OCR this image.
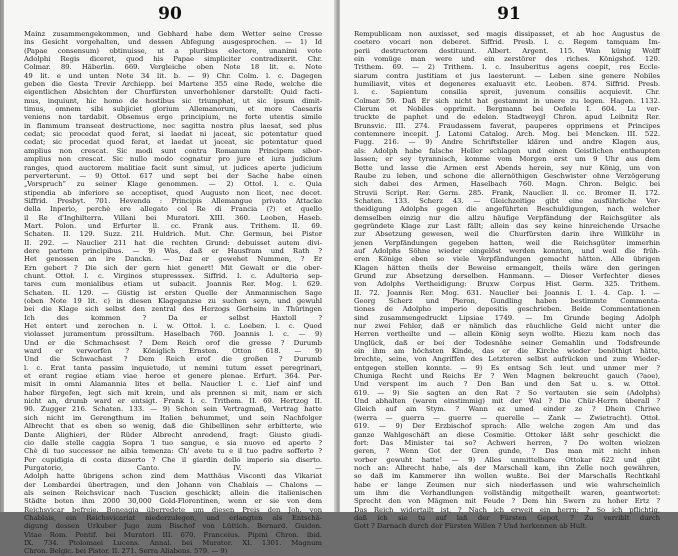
90
Mainz zusammengekommen, und Gebhard habe dem Wetter seine Cresse
ins Gesicht vorgehalten, und dessen Abfegung ausgesprochen. — 1) Id
(Papae consensum) obtinuisse, ut a pluribus electore, unanimi vote
Adolphi Regis diceret, quod his Papae simpliciter contradixerit. Chr.
Colmar. 89. Häberlin. 669. Vergleiche oben Note 18 lit. e. Note
49 lit. e und unten Note 34 lit. b. — 9) Chr. Colm. l. c. Dagegen
geben die Gesta Trevir Archiepp. bei Martene 355 eine Rede, welche die
eigentlichen Absichten der Churfürsten unverhohlener darstellt: Quid facti-
mus, inquiunt, hic homo de hostibus sic triumphat, ut sic ipsum dimit-
timus, omnem sibi subjiciet glorium Allemanorum, et more Caesaris
veniens non tardabit. Obsemus ergo principium, ne forte utentis simile
in flammum transeat destructione, nec sagitta nostra plus laesat, sed plus
cedat; sic procedat quod ferat, si laedat ni jaceat, sic potentatur quod
cedat; sic procedat quod ferat, et laedat ut jaceat, sic potentatur quod
amplius non crescat. Sic modi sunt contra Romanum Principem sibor-
amplius non crescat. Sic nullo modo cognatur pro jure et iura judicium
ranges, quod auctorem malitiae facit sunt simul, ut judices aperte judicium
perverterunt. — 9) Ottoł. 617 und sept bei der Sache habe einen
„Vorspruch” zu seiner Klage genommen. — 2) Ottoł. l. c. Quia
stipendia ab inferiore se acceptiset, quod Augusto non licet, nec decet.
Siffrid. Presbyt. 701. Hevenda : Principis Allemangue privato Attacke
della Inperio, perchè ere allegato col Re di Francia (?) et quello
il Re d'Inghilterra. Villani bei Muratori. XIII. 360. Leoben, Haseb.
Mart. Polon. und Erfurter ll. cc. Frank aus. Trithem. II. 69.
Schaten. II. 129. Suzz. 21l. Huldrich. Mut. Chr. Germun, bei Pistor
II. 292. — Nauclier 211 hat die rechten Grund: debuisset autem divi-
dere partem principibus. — 9) Was, daß er Hausfram und Rath ?
Het genossen an ire Danckn. — Daz er gewehet Nummen, ? Er
Ern gebert ? Die sich der gern hiet genert! Mit Gewalt er die ober-
chunt. Ottoł. l. c. Virginos stupresssex. Siffrid. l. c. Adulteria sep-
tares cum monialibus etiam ut subacit. Joannis Rer. Mog. l. 629.
Schaten. II. 129. — Güstig ist ersten Quelle der Anmannischen Sage
(oben Note 19 lit. c) in diesen Klageganzse zu suchen seyn, und gewuhl
bei die Klage sich selbst den zentral des Herzogs Gerheim in Thüringen
Ich des kommen ? Da er selbst Haxtoll ?
Het entert und zerochen n. i. w. Ottoł. l. c. Loeben. l. c. Quod
violasset juramentum prossiltum. Haselbach 760. Joannis l. c. — 9)
Und er die Schmachsest ? Dem Reich orof die gresse ? Durumb
ward er verworfen ? Königlich Ernsten. Otton 618. — 9)
Und die Schwachast ? Dem Reich erof die großen ? Durumb
l. c. Erat tanta passim inquietudo, ut nemini tutum esset peregrinari,
et erant regiae etiam viae heroe et genere plenae. Erfurt. 364. Per-
misit in omni Alamannia lites et bella. Nauclier l. c. Lief ainf und
haber fürgefen, legt sich mit krein, und als prennen si mit, nam er sich
nicht an, drumb ward er entsigt. Frank l. c. Trithem. II. 69. Hertzog II.
90. Zugger 216. Schaten. 133. — 9) Schon sein Vertragmaß, Vertrag hatte
sich nicht im Gerengthum im Italien behummet, und sein Nachfolger
Albrecht that es eben so wenig, daß die Ghibellinen sehr erbitterte, wie
Dante Alighieri, der Rüder Albrecht anredend, fragt: Giusto giudi-
cio dalle stelle caggia Sopra 'l tuo sangue, e sia nuovo ed aperto ?
Chè di tuo successor ne aibia temenza: Ch' avete tu e il tuo padre sofferto ?
Per cupidigia di costa dizserto ? Che il giardin dello imperio sia diserto.
Purgatorio, Canto. IV. —
Adolph hatte übrigens schon zind dem Matthäus Visconti das Vikariat
der Lombardei übertragen, und den Johann von Chablais — Chalons —
als seinen Reichsvicar nach Tuscien geschickt; allein die italienischen
Städte boten ihm 2000 30,000 Gold-Florentinen, wenn er sie von dem
Reichsvicar befreie. Boneagia überredete um diesen Preis den Joh. von
Chablais, ein Reichsvicariat niederzulegen, und erlangten als Entschä-
digung dessen Urkuber Jugo zum Bischof von Lüttich. Bernard. Guidon.
Vitae Rom. Pontif. bei Muratori III. 670. Franceius. Pipini Chron. ibid.
IX. 734. Ptolomaei Lucens. Annal. bei Murator. XI. 1301. Magnum
Chron. Belgic. bei Pistor. II. 271. Serra Aliabens. 579. — 9)
91
Rempublicam non auxisset, sed magis dissipasset, et ab hoc Augustus de
coetero vocari non deberet. Siffrid. Presb. l. c. Regem tamquam Im-
perii destructorem destituunt. Albert. Argent. 115. Wan künig Wolff
ein vomüge man were und ein zerstörer des riches. Königshof. 120.
Trithem. 69. — 2) Trithem. l. c. Insuberitus agens coepit, res Eccle-
siarum contra justitiam et jus laesterunt. — Leben sine genere Nobiles
humiliavit, vites et degeneres exaluavit etc. Leoben. 874. Siffrid. Presb.
l. c. Sapientum consilia spreit, juvenum consiliis acquievit. Chr.
Colmar. 59. Daß Er sich nicht hat gestammt in unere zu legen. Hagen. 1132.
Clerum et Nobiles opprimit. Bergmann bei Oefele I. 604. Lu ver-
truckte de paphet und de edelen. Stadtweygl Chron. apud Leibnitz Rer.
Brunsvic. III. 274. Fraudassem faverat, pauperes opprimens et Principes
contemnere incepit. J. Latomi Catalog. Arch. Mog. bei Mencken. III. 522.
Fugg. 216. — 9) Andre Schriftsteller klären und andre Klagen aus,
als: Adolph habe falsche Heller schlagen und einen Geistlichen enthaupten
lassen; er sey tyrannisch, komme vom Morgen erst um 9 Uhr aus dem
Bette und lasse die Armen erst Abends herein, sey nur König, um von
Raube zu leben, und schone die allernöthigen Geschwister ohne Verzögerung
sich dabei des Armen, Haselbach 760. Magn. Chron. Belgic. bei
Struvii Script. Rer. Germ. 285. Frank, Nauclier. ll. cc. Bromer II. 172.
Schaten. 133. Scherz 43. — Gleichzeitige gibt eine ausführliche Ver-
theidigung Adolphs gegen die angeführten Beschuldigungen, nach welcher
demselben einzig nur die allzu häufige Verpfändung der Reichsgüter als
gegründete Klage zur Last fällt; allein das sey keine hinreichende Ursache
zur Absetzung gewesen, weil die Churfürsten darin ihre Willkühr in
jenen Verpfändungen gegeben hatten, weil die Reichsgüter immerhin
auf Adolphs Söhne wieder eingelöst werden konnten, und weil die früh-
eren Könige eben so viele Verpfändungen gemacht hätten. Alle übrigen
Klagen hätten theils der Beweise ermangelt, theils wäre den geringen
Grund zur Absetzung derselben. Hanmann. — Dieser Verfechter dieses
von Adolphs Vertheidigung: Bruxw Corpus Hist. Germ. 325. Trithem.
II. 72. Joannis Rer. Mog. 631. Nauclier bei Joannis I. 1. 4. Cap. I. —
Georg Scherz und Pieron, Gundling haben bestimmte Commenta-
tiones de Adolpho imperio depositis geschrieben. Beide Commentationen
sind zusammengedruckt Lipsiae 1749. — Im Grunde beging Adolph
nur zwei Fehler, daß er nämlich das räuchliche Geld nicht unter die
Herren vertheilte und — allein König seyn wollte. Hiezu kam noch das
Unglück, daß er bei der Todesnähe seiner Gemahlin und Todsfreunde
ein ihm am höchsten Kinde, das er die Kirche wieder benöthigt hätte,
brechte, seine, von Angriffen des Letzteren selbst aufrücken und zum Wieder-
entgegen stellen konnte. — 9) Es entsag Sch leut und unmer mer ?
Chuniga Recht und Reichs Er ? Wen Magnen bekreucht gauch (?aoe),
Und verspent im auch ? Den Ban und den Sat u. s. w. Ottoł.
619. — 9) Sie sagten an den Rat ? So vertauten sie sein (Adolphs)
Und abhalten (waren einstimmig) mit der Wal ? Die Chür-Herrn überall ?
Gleich auf ain Stym. ? Wann ez umed einder ze ? Dhein Chriwe
(werra — guerra — guerre — querelle — Zank — Zwietracht). Ottoł.
619. — 9) Der Erzbischof sprach: Alle welche zogen Am und das
ganze Wahlgeschäft an diese Cosmitie. Ottoker läßt sehr geschickt die
fort: Das Minister tai so? Achweri herren, ? Do wolten wiolzen
geren, ? Wenn Got der Gren gunde, ? Das man mit nicht inhen
vorber gewuht hatte! — 9) Alles unmittelbare Ottokar 622 und gibt
noch an: Albrecht habe, als der Marschall kam, ihn Zelle noch gewähren,
so daß im Kammerer ihn wollen wußte. Bei der Marschalls Rechtkahl
habe er lange Zeumen nur sich niederlassen und wie wahrscheinlich
um ihm die Verhandlungen vollständig mitgetheilt waren, geantwortet:
Sprecht den von Mägmen mit Feude ? Dem hin Swern zu hoher Ertz ?
Das Reich widertailt ist, ? Nach ich erweit ein herrn; ? So ich pflichtig,
daß ich sie tu auf laß der Fürsten Gepot, ? Zu verriblt durch
Gott ? Darnach durch der Fürsten Willen ? Und herkennen ab Hult.
